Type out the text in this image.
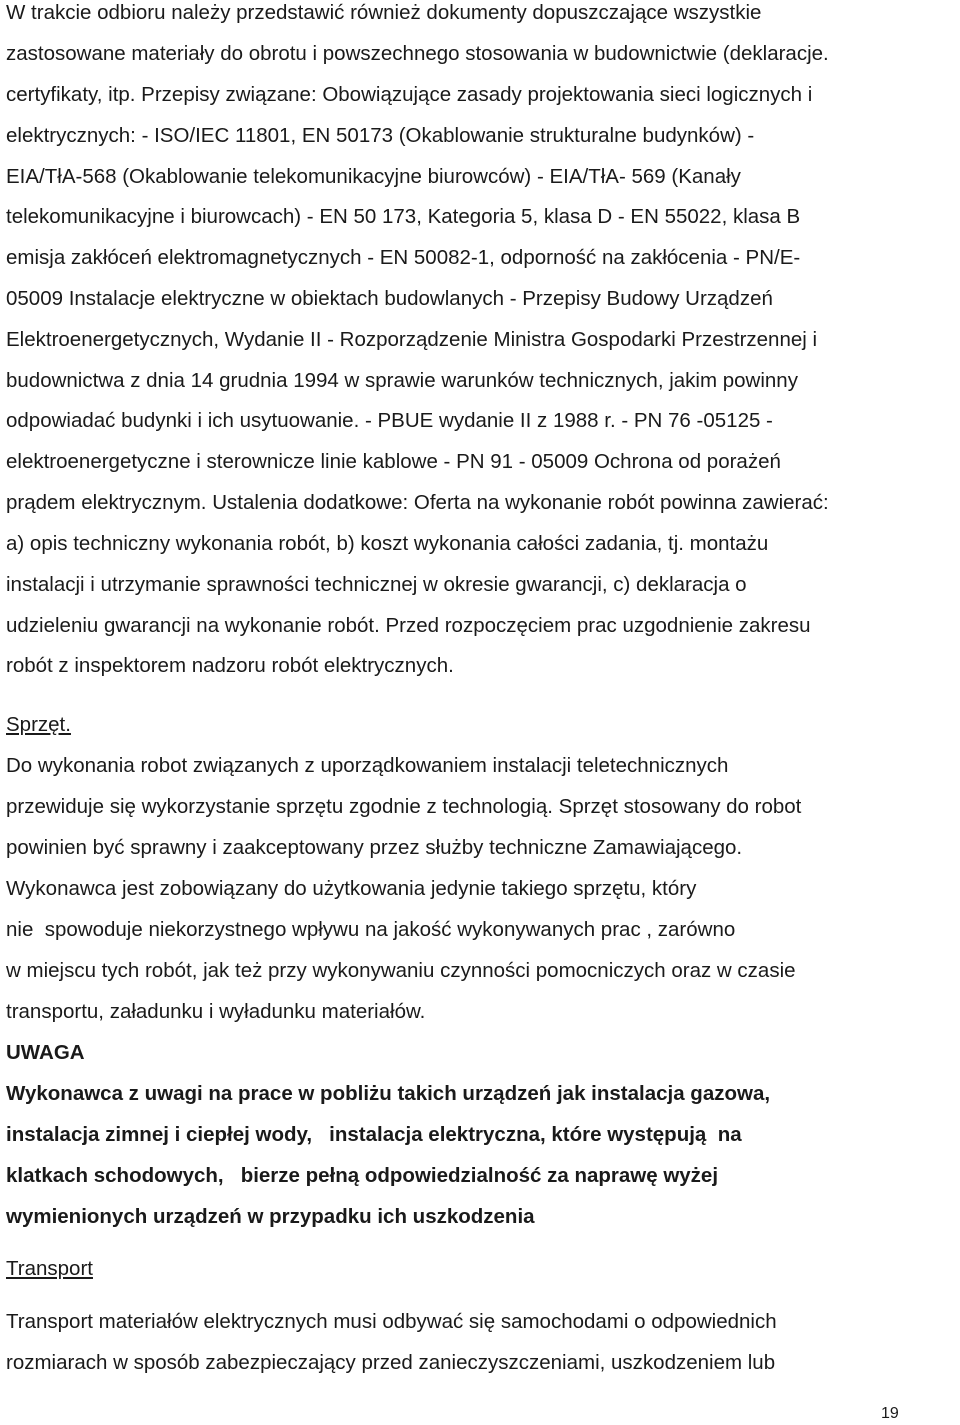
W trakcie odbioru należy przedstawić również dokumenty dopuszczające wszystkie
zastosowane materiały do obrotu i powszechnego stosowania w budownictwie (deklaracje.
certyfikaty, itp. Przepisy związane: Obowiązujące zasady projektowania sieci logicznych i
elektrycznych: - ISO/IEC 11801, EN 50173 (Okablowanie strukturalne budynków) -
EIA/TłA-568 (Okablowanie telekomunikacyjne biurowców) - EIA/TłA- 569 (Kanały
telekomunikacyjne i biurowcach) - EN 50 173, Kategoria 5, klasa D - EN 55022, klasa B
emisja zakłóceń elektromagnetycznych - EN 50082-1, odporność na zakłócenia - PN/E-
05009 Instalacje elektryczne w obiektach budowlanych - Przepisy Budowy Urządzeń
Elektroenergetycznych, Wydanie II - Rozporządzenie Ministra Gospodarki Przestrzennej i
budownictwa z dnia 14 grudnia 1994 w sprawie warunków technicznych, jakim powinny
odpowiadać budynki i ich usytuowanie. - PBUE wydanie II z 1988 r. - PN 76 -05125 -
elektroenergetyczne i sterownicze linie kablowe - PN 91 - 05009 Ochrona od porażeń
prądem elektrycznym. Ustalenia dodatkowe: Oferta na wykonanie robót powinna zawierać:
a) opis techniczny wykonania robót, b) koszt wykonania całości zadania, tj. montażu
instalacji i utrzymanie sprawności technicznej w okresie gwarancji, c) deklaracja o
udzieleniu gwarancji na wykonanie robót. Przed rozpoczęciem prac uzgodnienie zakresu
robót z inspektorem nadzoru robót elektrycznych.
Sprzęt.
Do wykonania robot związanych z uporządkowaniem instalacji teletechnicznych
przewiduje się wykorzystanie sprzętu zgodnie z technologią. Sprzęt stosowany do robot
powinien być sprawny i zaakceptowany przez służby techniczne Zamawiającego.
Wykonawca jest zobowiązany do użytkowania jedynie takiego sprzętu, który
nie  spowoduje niekorzystnego wpływu na jakość wykonywanych prac , zarówno
w miejscu tych robót, jak też przy wykonywaniu czynności pomocniczych oraz w czasie
transportu, załadunku i wyładunku materiałów.
UWAGA
Wykonawca z uwagi na prace w pobliżu takich urządzeń jak instalacja gazowa,
instalacja zimnej i ciepłej wody,   instalacja elektryczna, które występują  na
klatkach schodowych,   bierze pełną odpowiedzialność za naprawę wyżej
wymienionych urządzeń w przypadku ich uszkodzenia
Transport
Transport materiałów elektrycznych musi odbywać się samochodami o odpowiednich
rozmiarach w sposób zabezpieczający przed zanieczyszczeniami, uszkodzeniem lub
19
